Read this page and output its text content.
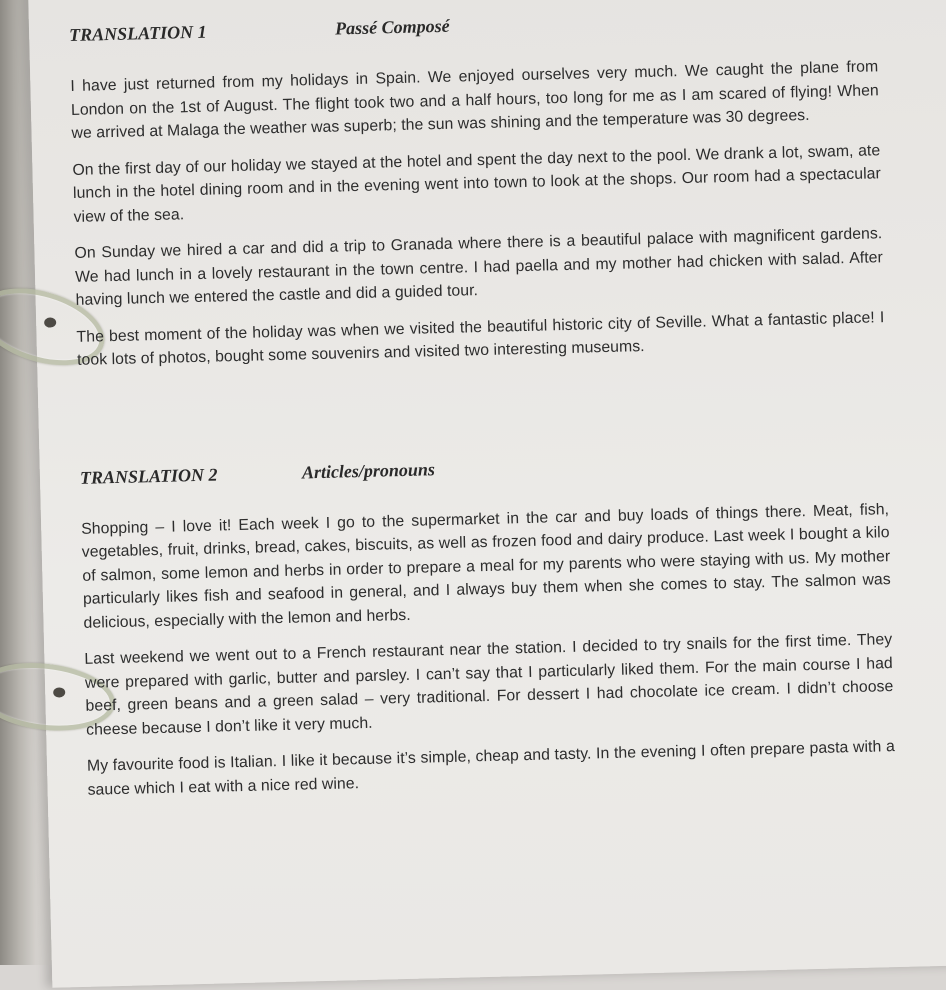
TRANSLATION 1	Passé Composé

I have just returned from my holidays in Spain. We enjoyed ourselves very much. We caught the plane from London on the 1st of August. The flight took two and a half hours, too long for me as I am scared of flying! When we arrived at Malaga the weather was superb; the sun was shining and the temperature was 30 degrees.

On the first day of our holiday we stayed at the hotel and spent the day next to the pool. We drank a lot, swam, ate lunch in the hotel dining room and in the evening went into town to look at the shops. Our room had a spectacular view of the sea.

On Sunday we hired a car and did a trip to Granada where there is a beautiful palace with magnificent gardens. We had lunch in a lovely restaurant in the town centre. I had paella and my mother had chicken with salad. After having lunch we entered the castle and did a guided tour.

The best moment of the holiday was when we visited the beautiful historic city of Seville. What a fantastic place! I took lots of photos, bought some souvenirs and visited two interesting museums.

TRANSLATION 2	Articles/pronouns

Shopping – I love it! Each week I go to the supermarket in the car and buy loads of things there. Meat, fish, vegetables, fruit, drinks, bread, cakes, biscuits, as well as frozen food and dairy produce. Last week I bought a kilo of salmon, some lemon and herbs in order to prepare a meal for my parents who were staying with us. My mother particularly likes fish and seafood in general, and I always buy them when she comes to stay. The salmon was delicious, especially with the lemon and herbs.

Last weekend we went out to a French restaurant near the station. I decided to try snails for the first time. They were prepared with garlic, butter and parsley. I can’t say that I particularly liked them. For the main course I had beef, green beans and a green salad – very traditional. For dessert I had chocolate ice cream. I didn’t choose cheese because I don’t like it very much.

My favourite food is Italian. I like it because it’s simple, cheap and tasty. In the evening I often prepare pasta with a sauce which I eat with a nice red wine.
